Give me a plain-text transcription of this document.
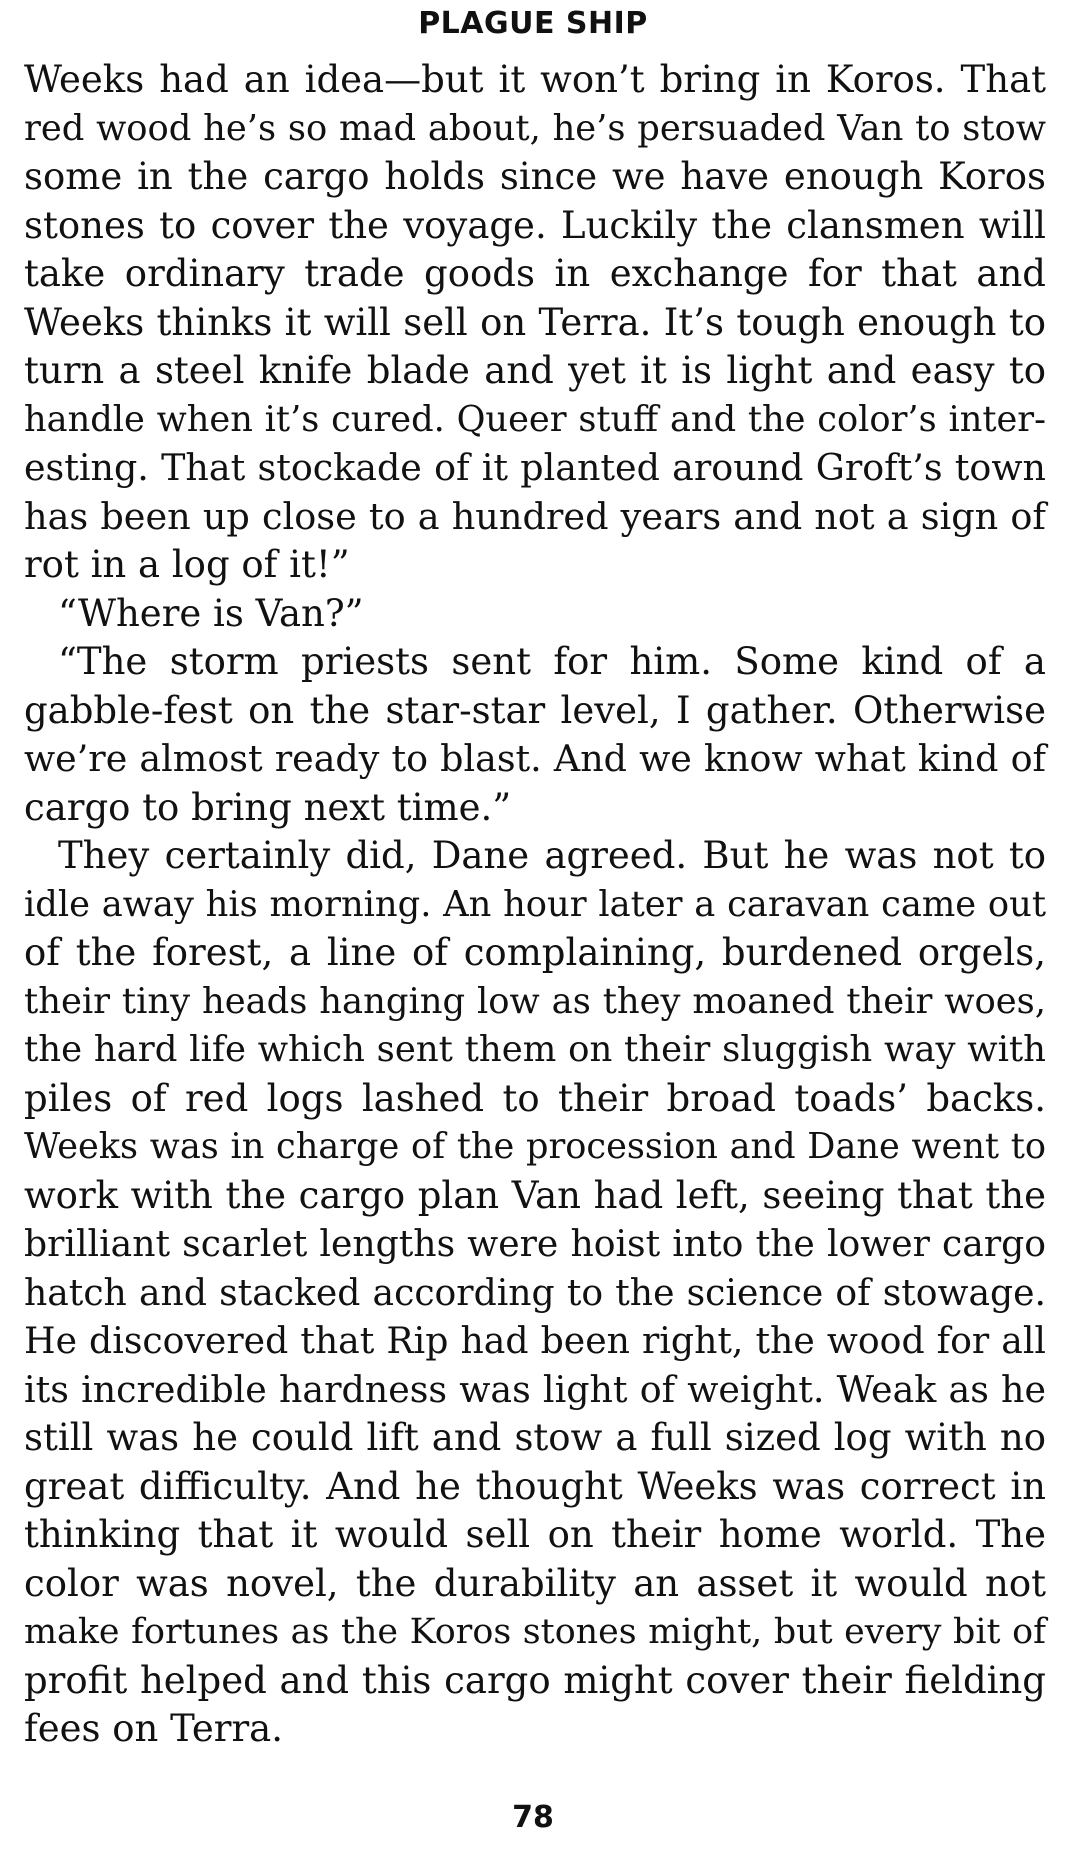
PLAGUE SHIP
Weeks had an idea—but it won’t bring in Koros. That
red wood he’s so mad about, he’s persuaded Van to stow
some in the cargo holds since we have enough Koros
stones to cover the voyage. Luckily the clansmen will
take ordinary trade goods in exchange for that and
Weeks thinks it will sell on Terra. It’s tough enough to
turn a steel knife blade and yet it is light and easy to
handle when it’s cured. Queer stuff and the color’s inter-
esting. That stockade of it planted around Groft’s town
has been up close to a hundred years and not a sign of
rot in a log of it!”
“Where is Van?”
“The storm priests sent for him. Some kind of a
gabble-fest on the star-star level, I gather. Otherwise
we’re almost ready to blast. And we know what kind of
cargo to bring next time.”
They certainly did, Dane agreed. But he was not to
idle away his morning. An hour later a caravan came out
of the forest, a line of complaining, burdened orgels,
their tiny heads hanging low as they moaned their woes,
the hard life which sent them on their sluggish way with
piles of red logs lashed to their broad toads’ backs.
Weeks was in charge of the procession and Dane went to
work with the cargo plan Van had left, seeing that the
brilliant scarlet lengths were hoist into the lower cargo
hatch and stacked according to the science of stowage.
He discovered that Rip had been right, the wood for all
its incredible hardness was light of weight. Weak as he
still was he could lift and stow a full sized log with no
great difficulty. And he thought Weeks was correct in
thinking that it would sell on their home world. The
color was novel, the durability an asset it would not
make fortunes as the Koros stones might, but every bit of
profit helped and this cargo might cover their fielding
fees on Terra.
78
